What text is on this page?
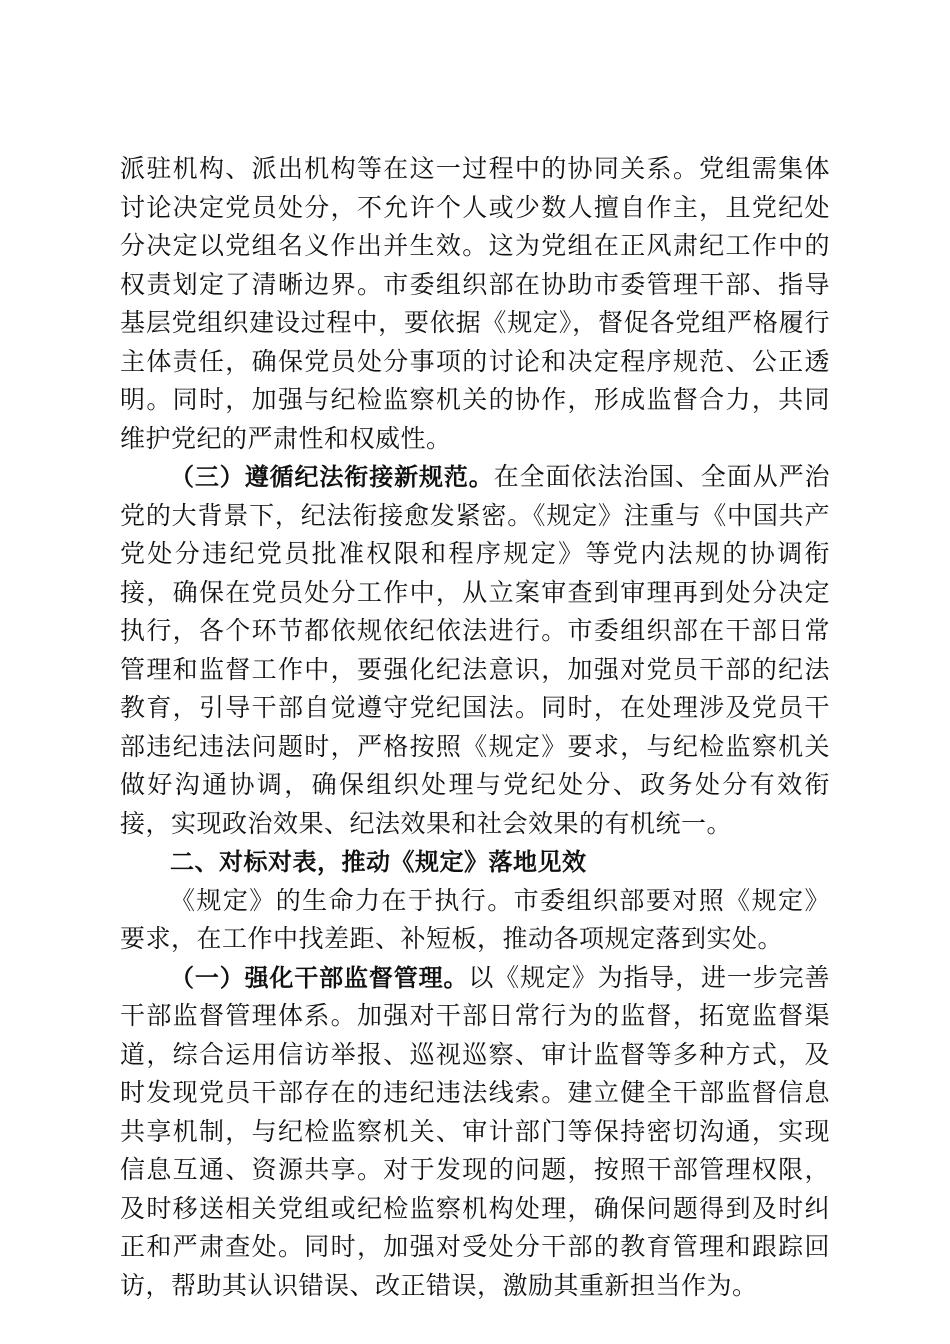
派驻机构、派出机构等在这一过程中的协同关系。党组需集体讨论决定党员处分，不允许个人或少数人擅自作主，且党纪处分决定以党组名义作出并生效。这为党组在正风肃纪工作中的权责划定了清晰边界。市委组织部在协助市委管理干部、指导基层党组织建设过程中，要依据《规定》，督促各党组严格履行主体责任，确保党员处分事项的讨论和决定程序规范、公正透明。同时，加强与纪检监察机关的协作，形成监督合力，共同维护党纪的严肃性和权威性。

（三）遵循纪法衔接新规范。在全面依法治国、全面从严治党的大背景下，纪法衔接愈发紧密。《规定》注重与《中国共产党处分违纪党员批准权限和程序规定》等党内法规的协调衔接，确保在党员处分工作中，从立案审查到审理再到处分决定执行，各个环节都依规依纪依法进行。市委组织部在干部日常管理和监督工作中，要强化纪法意识，加强对党员干部的纪法教育，引导干部自觉遵守党纪国法。同时，在处理涉及党员干部违纪违法问题时，严格按照《规定》要求，与纪检监察机关做好沟通协调，确保组织处理与党纪处分、政务处分有效衔接，实现政治效果、纪法效果和社会效果的有机统一。

二、对标对表，推动《规定》落地见效

《规定》的生命力在于执行。市委组织部要对照《规定》要求，在工作中找差距、补短板，推动各项规定落到实处。

（一）强化干部监督管理。以《规定》为指导，进一步完善干部监督管理体系。加强对干部日常行为的监督，拓宽监督渠道，综合运用信访举报、巡视巡察、审计监督等多种方式，及时发现党员干部存在的违纪违法线索。建立健全干部监督信息共享机制，与纪检监察机关、审计部门等保持密切沟通，实现信息互通、资源共享。对于发现的问题，按照干部管理权限，及时移送相关党组或纪检监察机构处理，确保问题得到及时纠正和严肃查处。同时，加强对受处分干部的教育管理和跟踪回访，帮助其认识错误、改正错误，激励其重新担当作为。
